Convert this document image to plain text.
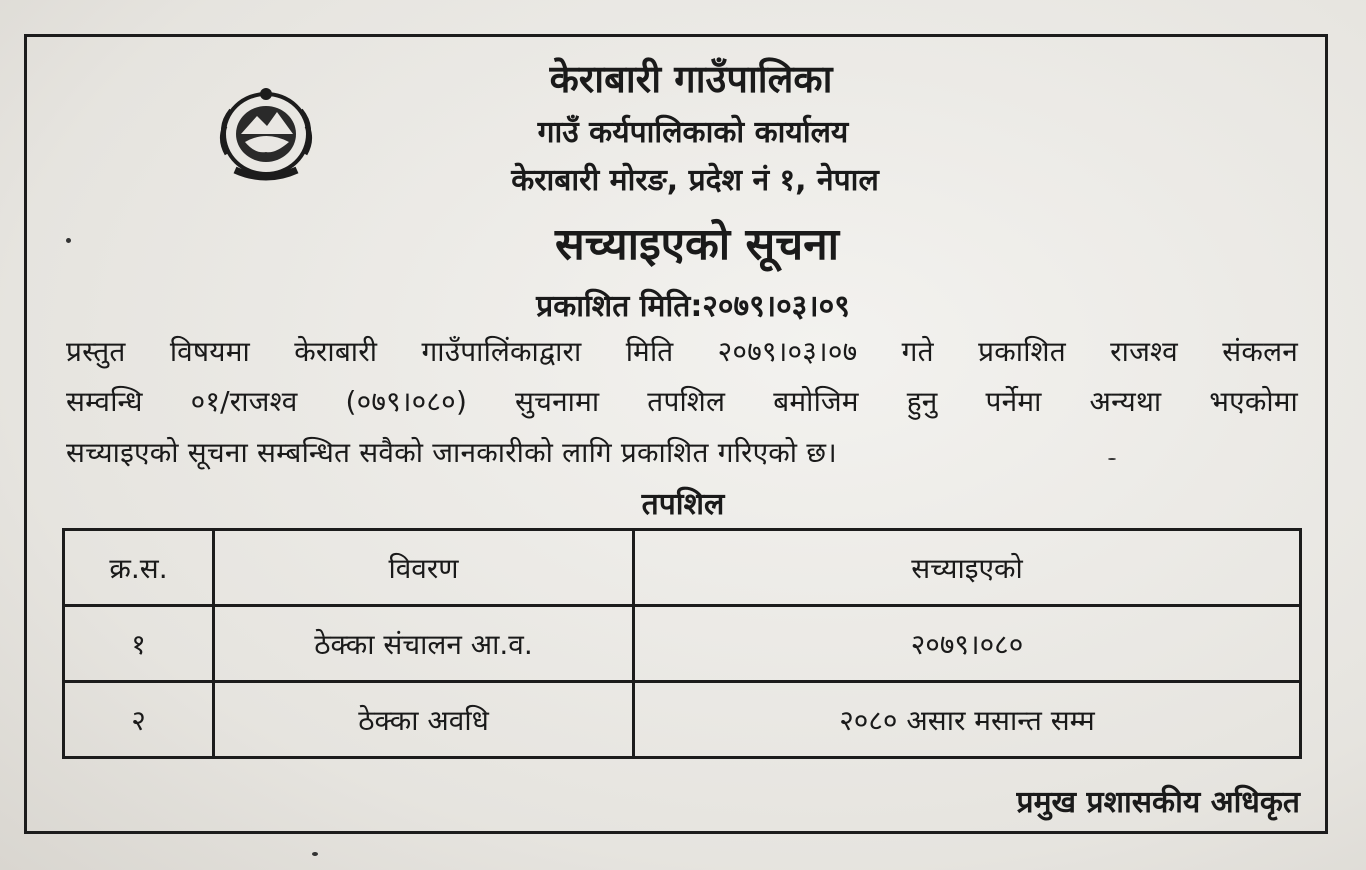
केराबारी गाउँपालिका
गाउँ कर्यपालिकाको कार्यालय
केराबारी मोरङ, प्रदेश नं १, नेपाल
सच्याइएको सूचना
प्रकाशित मिति:२०७९।०३।०९
प्रस्तुत विषयमा केराबारी गाउँपालिंकाद्वारा मिति २०७९।०३।०७ गते प्रकाशित राजश्व संकलन
सम्वन्धि ०१/राजश्व (०७९।०८०) सुचनामा तपशिल बमोजिम हुनु पर्नेमा अन्यथा भएकोमा
सच्याइएको सूचना सम्बन्धित सवैको जानकारीको लागि प्रकाशित गरिएको छ।
तपशिल
क्र.स.	विवरण	सच्याइएको
१	ठेक्का संचालन आ.व.	२०७९।०८०
२	ठेक्का अवधि	२०८० असार मसान्त सम्म
प्रमुख प्रशासकीय अधिकृत
